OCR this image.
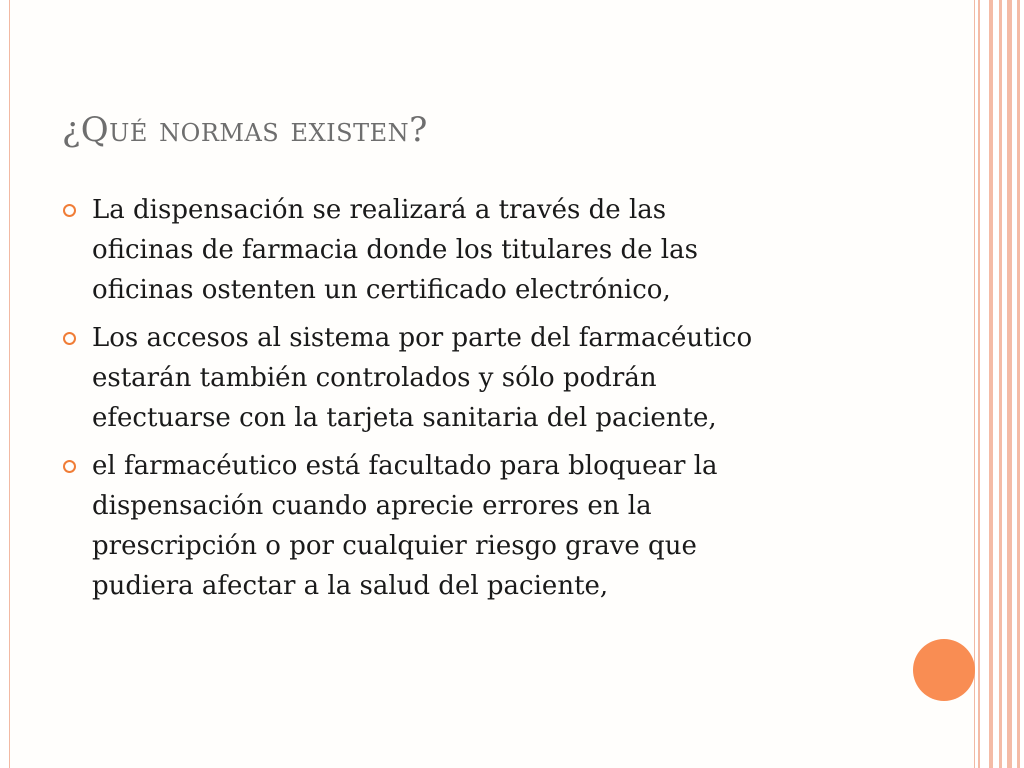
¿Qué normas existen?
La dispensación se realizará a través de las
oficinas de farmacia donde los titulares de las
oficinas ostenten un certificado electrónico,
Los accesos al sistema por parte del farmacéutico
estarán también controlados y sólo podrán
efectuarse con la tarjeta sanitaria del paciente,
el farmacéutico está facultado para bloquear la
dispensación cuando aprecie errores en la
prescripción o por cualquier riesgo grave que
pudiera afectar a la salud del paciente,
